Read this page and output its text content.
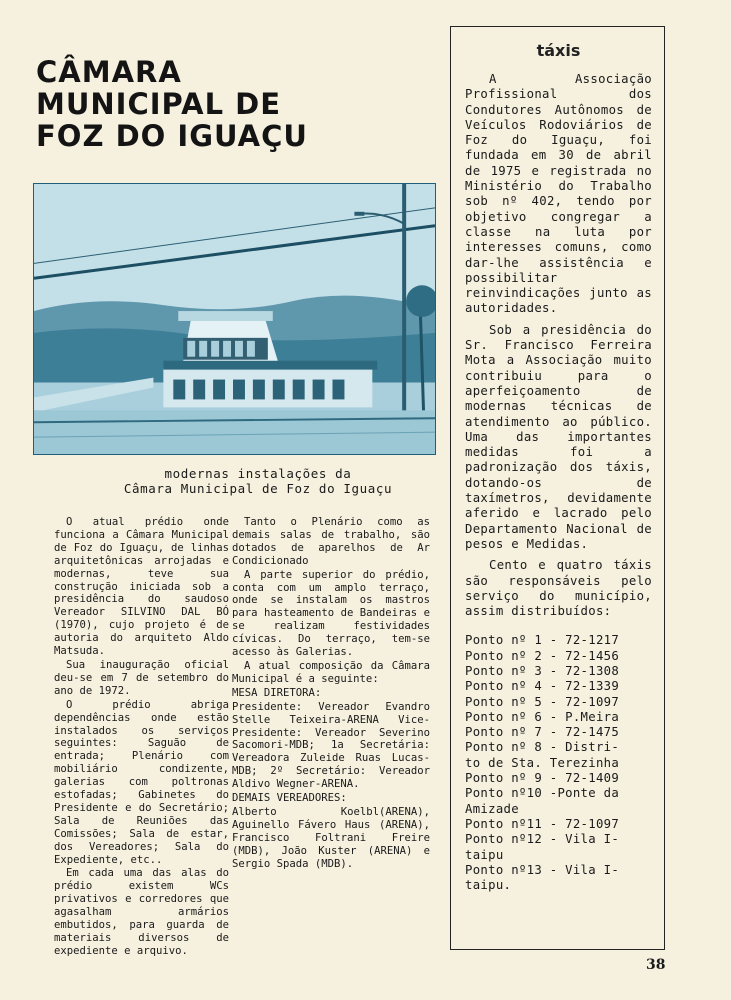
CÂMARA
MUNICIPAL DE
FOZ DO IGUAÇU
modernas instalações da
Câmara Municipal de Foz do Iguaçu

O atual prédio onde funciona a Câmara Municipal de Foz do Iguaçu, de linhas arquitetônicas arrojadas e modernas, teve sua construção iniciada sob a presidência do saudoso Vereador SILVINO DAL BÓ (1970), cujo projeto é de autoria do arquiteto Aldo Matsuda.

Sua inauguração oficial deu-se em 7 de setembro do ano de 1972.

O prédio abriga dependências onde estão instalados os serviços seguintes: Saguão de entrada; Plenário com mobiliário condizente, galerias com poltronas estofadas; Gabinetes do Presidente e do Secretário; Sala de Reuniões das Comissões; Sala de estar, dos Vereadores; Sala do Expediente, etc..

Em cada uma das alas do prédio existem WCs privativos e corredores que agasalham armários embutidos, para guarda de materiais diversos de expediente e arquivo.

Tanto o Plenário como as demais salas de trabalho, são dotados de aparelhos de Ar Condicionado

A parte superior do prédio, conta com um amplo terraço, onde se instalam os mastros para hasteamento de Bandeiras e se realizam festividades cívicas. Do terraço, tem-se acesso às Galerias.

A atual composição da Câmara Municipal é a seguinte:

MESA DIRETORA:

Presidente: Vereador Evandro Stelle Teixeira-ARENA Vice-Presidente: Vereador Severino Sacomori-MDB; 1a Secretária: Vereadora Zuleide Ruas Lucas-MDB; 2º Secretário: Vereador Aldivo Wegner-ARENA.

DEMAIS VEREADORES:

Alberto Koelbl(ARENA), Aguinello Fávero Haus (ARENA), Francisco Foltrani Freire (MDB), João Kuster (ARENA) e Sergio Spada (MDB).

táxis

A Associação Profissional dos Condutores Autônomos de Veículos Rodoviários de Foz do Iguaçu, foi fundada em 30 de abril de 1975 e registrada no Ministério do Trabalho sob nº 402, tendo por objetivo congregar a classe na luta por interesses comuns, como dar-lhe assistência e possibilitar reinvindicações junto as autoridades.

Sob a presidência do Sr. Francisco Ferreira Mota a Associação muito contribuiu para o aperfeiçoamento de modernas técnicas de atendimento ao público. Uma das importantes medidas foi a padronização dos táxis, dotando-os de taxímetros, devidamente aferido e lacrado pelo Departamento Nacional de pesos e Medidas.

Cento e quatro táxis são responsáveis pelo serviço do município, assim distribuídos:

Ponto nº 1 - 72-1217
Ponto nº 2 - 72-1456
Ponto nº 3 - 72-1308
Ponto nº 4 - 72-1339
Ponto nº 5 - 72-1097
Ponto nº 6 - P.Meira
Ponto nº 7 - 72-1475
Ponto nº 8 - Distri-
to de Sta. Terezinha
Ponto nº 9 - 72-1409
Ponto nº10 -Ponte da
Amizade
Ponto nº11 - 72-1097
Ponto nº12 - Vila I-
taipu
Ponto nº13 - Vila I-
taipu.
38
